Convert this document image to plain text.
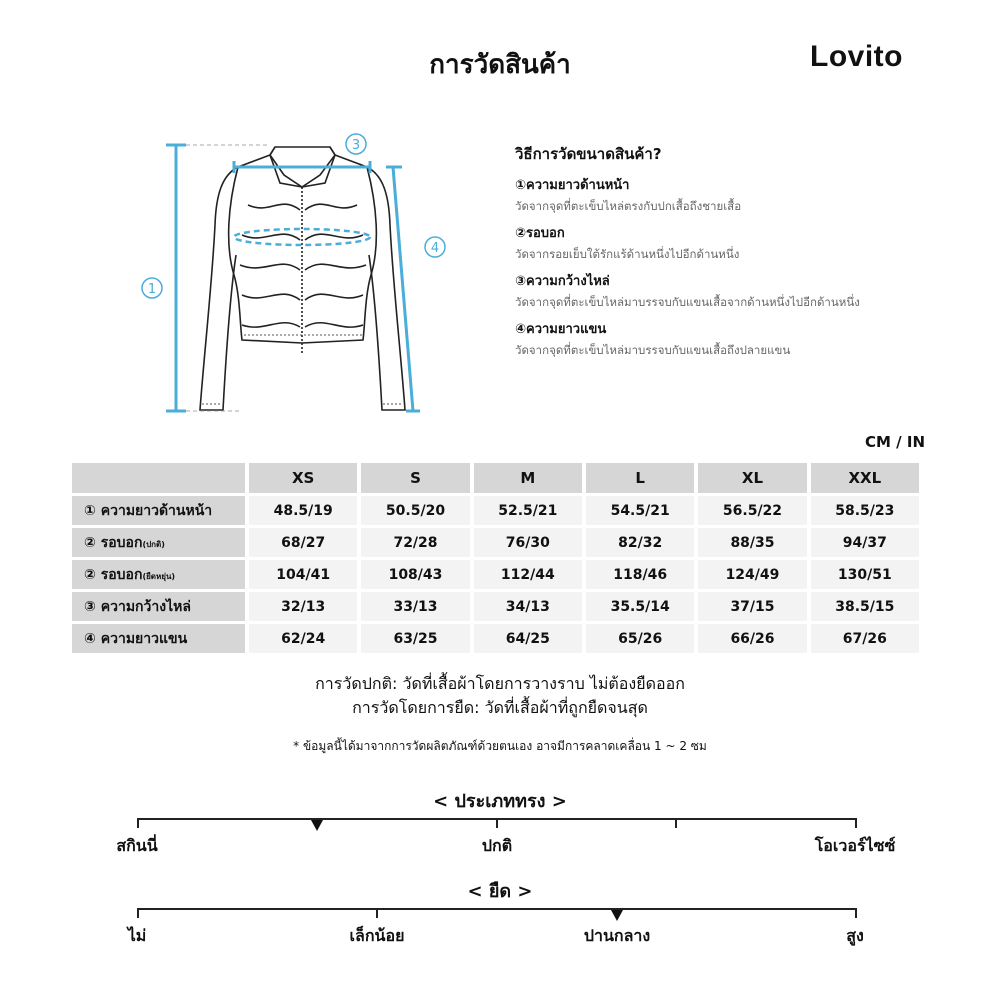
การวัดสินค้า	Lovito
1
3
4
วิธีการวัดขนาดสินค้า?
①ความยาวด้านหน้า
วัดจากจุดที่ตะเข็บไหล่ตรงกับปกเสื้อถึงชายเสื้อ
②รอบอก
วัดจากรอยเย็บใต้รักแร้ด้านหนึ่งไปอีกด้านหนึ่ง
③ความกว้างไหล่
วัดจากจุดที่ตะเข็บไหล่มาบรรจบกับแขนเสื้อจากด้านหนึ่งไปอีกด้านหนึ่ง
④ความยาวแขน
วัดจากจุดที่ตะเข็บไหล่มาบรรจบกับแขนเสื้อถึงปลายแขน
CM / IN
	XS	S	M	L	XL	XXL
① ความยาวด้านหน้า	48.5/19	50.5/20	52.5/21	54.5/21	56.5/22	58.5/23
② รอบอก(ปกติ)	68/27	72/28	76/30	82/32	88/35	94/37
② รอบอก(ยืดหยุ่น)	104/41	108/43	112/44	118/46	124/49	130/51
③ ความกว้างไหล่	32/13	33/13	34/13	35.5/14	37/15	38.5/15
④ ความยาวแขน	62/24	63/25	64/25	65/26	66/26	67/26
การวัดปกติ: วัดที่เสื้อผ้าโดยการวางราบ ไม่ต้องยืดออก
การวัดโดยการยืด: วัดที่เสื้อผ้าที่ถูกยืดจนสุด
* ข้อมูลนี้ได้มาจากการวัดผลิตภัณฑ์ด้วยตนเอง อาจมีการคลาดเคลื่อน 1 ~ 2 ซม
< ประเภททรง >
สกินนี่	ปกติ	โอเวอร์ไซซ์
< ยืด >
ไม่	เล็กน้อย	ปานกลาง	สูง
